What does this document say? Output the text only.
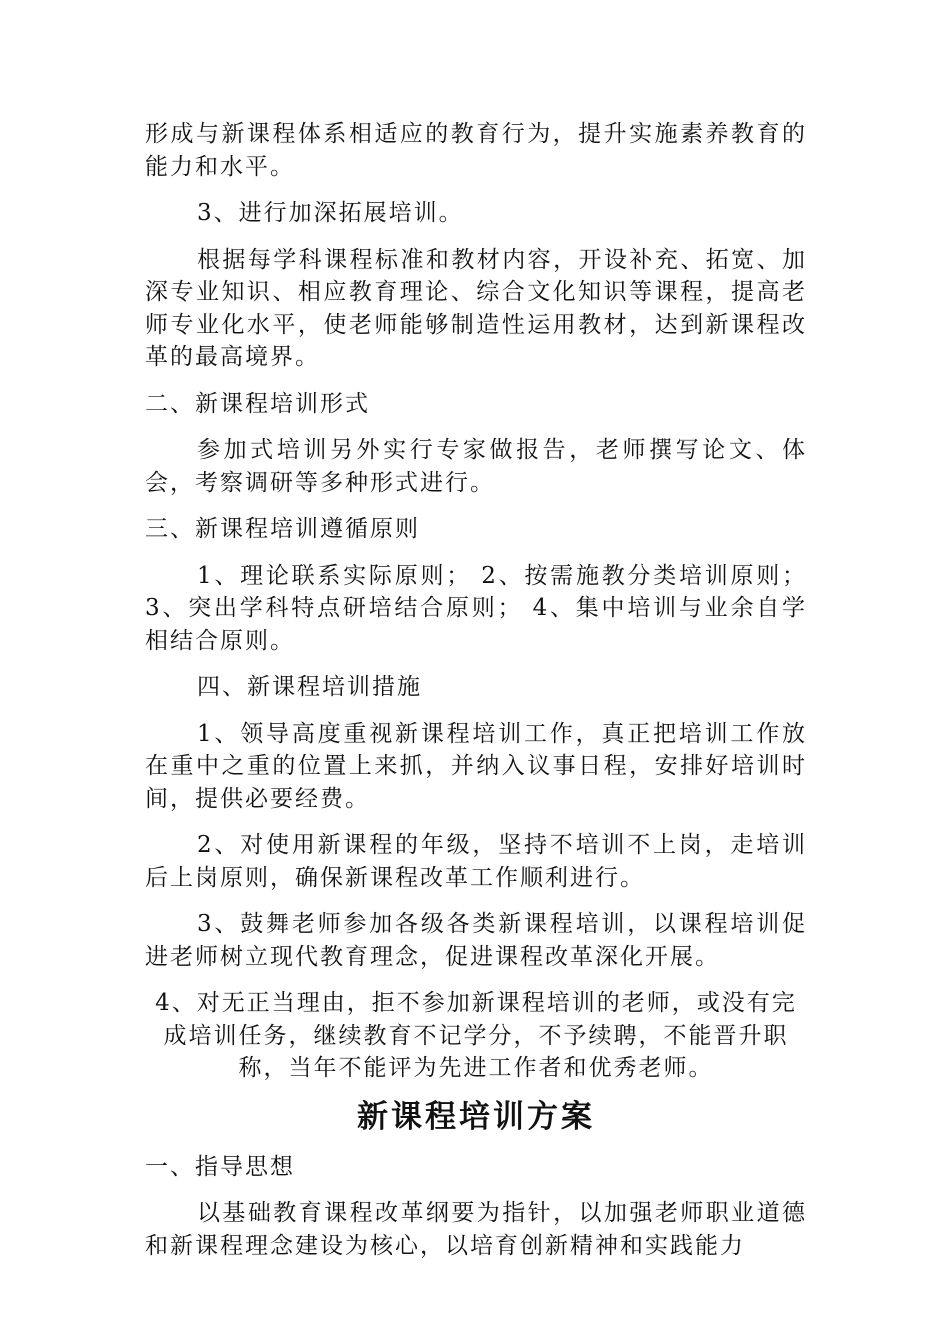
形成与新课程体系相适应的教育行为，提升实施素养教育的能力和水平。

3、进行加深拓展培训。

根据每学科课程标准和教材内容，开设补充、拓宽、加深专业知识、相应教育理论、综合文化知识等课程，提高老师专业化水平，使老师能够制造性运用教材，达到新课程改革的最高境界。

二、新课程培训形式

参加式培训另外实行专家做报告，老师撰写论文、体会，考察调研等多种形式进行。

三、新课程培训遵循原则

1、理论联系实际原则； 2、按需施教分类培训原则；3、突出学科特点研培结合原则； 4、集中培训与业余自学相结合原则。

四、新课程培训措施

1、领导高度重视新课程培训工作，真正把培训工作放在重中之重的位置上来抓，并纳入议事日程，安排好培训时间，提供必要经费。

2、对使用新课程的年级，坚持不培训不上岗，走培训后上岗原则，确保新课程改革工作顺利进行。

3、鼓舞老师参加各级各类新课程培训，以课程培训促进老师树立现代教育理念，促进课程改革深化开展。

4、对无正当理由，拒不参加新课程培训的老师，或没有完成培训任务，继续教育不记学分，不予续聘，不能晋升职称，当年不能评为先进工作者和优秀老师。

新课程培训方案

一、指导思想

以基础教育课程改革纲要为指针，以加强老师职业道德和新课程理念建设为核心，以培育创新精神和实践能力
